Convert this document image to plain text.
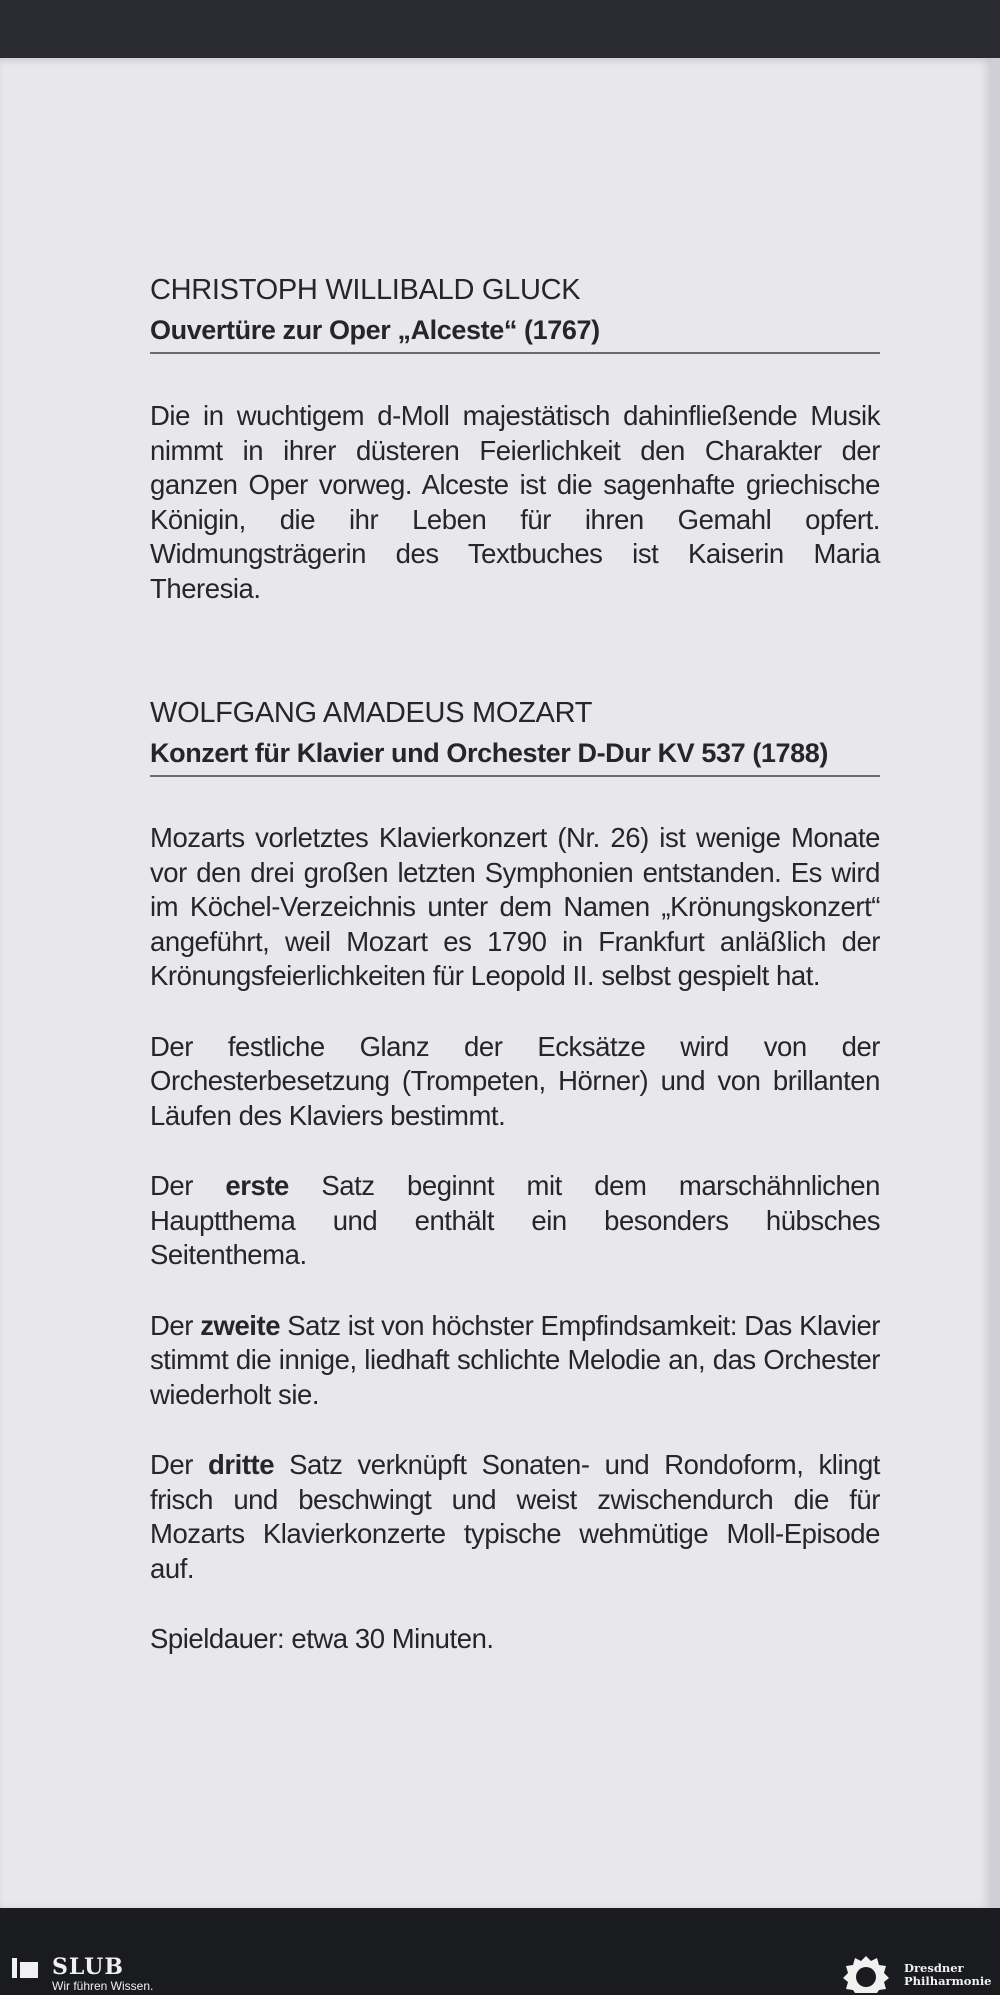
CHRISTOPH WILLIBALD GLUCK
Ouvertüre zur Oper „Alceste“ (1767)

Die in wuchtigem d-Moll majestätisch dahinfließende Musik nimmt in ihrer düsteren Feierlichkeit den Charakter der ganzen Oper vorweg. Alceste ist die sagenhafte griechische Königin, die ihr Leben für ihren Gemahl opfert. Widmungsträgerin des Textbuches ist Kaiserin Maria Theresia.

WOLFGANG AMADEUS MOZART
Konzert für Klavier und Orchester D-Dur KV 537 (1788)

Mozarts vorletztes Klavierkonzert (Nr. 26) ist wenige Monate vor den drei großen letzten Symphonien entstanden. Es wird im Köchel-Verzeichnis unter dem Namen „Krönungskonzert“ angeführt, weil Mozart es 1790 in Frankfurt anläßlich der Krönungsfeierlichkeiten für Leopold II. selbst gespielt hat.

Der festliche Glanz der Ecksätze wird von der Orchesterbesetzung (Trompeten, Hörner) und von brillanten Läufen des Klaviers bestimmt.

Der erste Satz beginnt mit dem marschähnlichen Hauptthema und enthält ein besonders hübsches Seitenthema.

Der zweite Satz ist von höchster Empfindsamkeit: Das Klavier stimmt die innige, liedhaft schlichte Melodie an, das Orchester wiederholt sie.

Der dritte Satz verknüpft Sonaten- und Rondoform, klingt frisch und beschwingt und weist zwischendurch die für Mozarts Klavierkonzerte typische wehmütige Moll-Episode auf.

Spieldauer: etwa 30 Minuten.

SLUB
Wir führen Wissen.
Dresdner
Philharmonie
